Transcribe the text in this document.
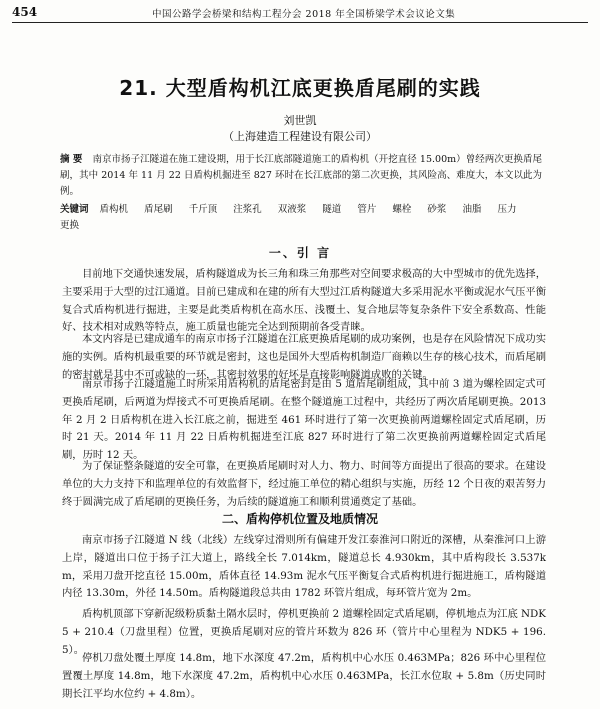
454	中国公路学会桥梁和结构工程分会 2018 年全国桥梁学术会议论文集
21. 大型盾构机江底更换盾尾刷的实践
刘世凯
（上海建造工程建设有限公司）
摘 要 南京市扬子江隧道在施工建设期，用于长江底部隧道施工的盾构机（开挖直径 15.00m）曾经两次更换盾尾刷，其中 2014 年 11 月 22 日盾构机掘进至 827 环时在长江底部的第二次更换，其风险高、难度大，本文以此为例。
关键词 盾构机 盾尾刷 千斤顶 注浆孔 双液浆 隧道 管片 螺栓 砂浆 油脂 压力 更换
一、引 言

目前地下交通快速发展，盾构隧道成为长三角和珠三角那些对空间要求极高的大中型城市的优先选择，主要采用于大型的过江通道。目前已建成和在建的所有大型过江盾构隧道大多采用泥水平衡或泥水气压平衡复合式盾构机进行掘进，主要是此类盾构机在高水压、浅覆土、复合地层等复杂条件下安全系数高、性能好、技术相对成熟等特点，施工质量也能完全达到预期前各受青睐。

本文内容是已建成通车的南京市扬子江隧道在江底更换盾尾刷的成功案例，也是存在风险情况下成功实施的实例。盾构机最重要的环节就是密封，这也是国外大型盾构机制造厂商赖以生存的核心技术，而盾尾刷的密封就是其中不可或缺的一环，其密封效果的好坏是直接影响隧道成败的关键。

南京市扬子江隧道施工时所采用盾构机的盾尾密封是由 5 道盾尾刷组成，其中前 3 道为螺栓固定式可更换盾尾刷，后两道为焊接式不可更换盾尾刷。在整个隧道施工过程中，共经历了两次盾尾刷更换。2013 年 2 月 2 日盾构机在进入长江底之前，掘进至 461 环时进行了第一次更换前两道螺栓固定式盾尾刷，历时 21 天。2014 年 11 月 22 日盾构机掘进至江底 827 环时进行了第二次更换前两道螺栓固定式盾尾刷，历时 12 天。

为了保证整条隧道的安全可靠，在更换盾尾刷时对人力、物力、时间等方面提出了很高的要求。在建设单位的大力支持下和监理单位的有效监督下，经过施工单位的精心组织与实施，历经 12 个日夜的艰苦努力终于圆满完成了盾尾刷的更换任务，为后续的隧道施工和顺利贯通奠定了基础。

二、盾构停机位置及地质情况

南京市扬子江隧道 N 线（北线）左线穿过滑则所有偏建开发江泰淮河口附近的深槽，从秦淮河口上游上岸，隧道出口位于扬子江大道上，路线全长 7.014km，隧道总长 4.930km，其中盾构段长 3.537km，采用刀盘开挖直径 15.00m，盾体直径 14.93m 泥水气压平衡复合式盾构机进行掘进施工，盾构隧道内径 13.30m，外径 14.50m。盾构隧道段总共由 1782 环管片组成，每环管片宽为 2m。

盾构机顶部下穿新泥级粉质黏土隔水层时，停机更换前 2 道螺栓固定式盾尾刷，停机地点为江底 NDK5 + 210.4（刀盘里程）位置，更换盾尾刷对应的管片环数为 826 环（管片中心里程为 NDK5 + 196.5）。

停机刀盘处覆土厚度 14.8m，地下水深度 47.2m，盾构机中心水压 0.463MPa；826 环中心里程位置覆土厚度 14.8m，地下水深度 47.2m，盾构机中心水压 0.463MPa，长江水位取 + 5.8m（历史同时期长江平均水位约 + 4.8m）。
